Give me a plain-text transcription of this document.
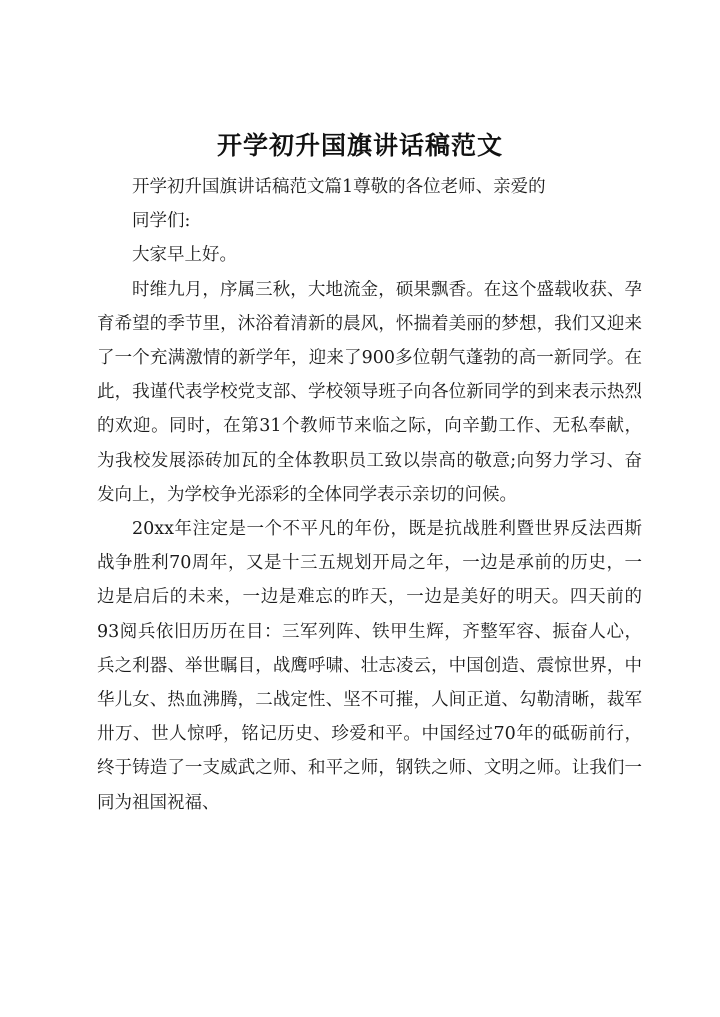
开学初升国旗讲话稿范文

开学初升国旗讲话稿范文篇1尊敬的各位老师、亲爱的

同学们:

大家早上好。

时维九月，序属三秋，大地流金，硕果飘香。在这个盛载收获、孕育希望的季节里，沐浴着清新的晨风，怀揣着美丽的梦想，我们又迎来了一个充满激情的新学年，迎来了900多位朝气蓬勃的高一新同学。在此，我谨代表学校党支部、学校领导班子向各位新同学的到来表示热烈的欢迎。同时，在第31个教师节来临之际，向辛勤工作、无私奉献，为我校发展添砖加瓦的全体教职员工致以崇高的敬意;向努力学习、奋发向上，为学校争光添彩的全体同学表示亲切的问候。

20xx年注定是一个不平凡的年份，既是抗战胜利暨世界反法西斯战争胜利70周年，又是十三五规划开局之年，一边是承前的历史，一边是启后的未来，一边是难忘的昨天，一边是美好的明天。四天前的93阅兵依旧历历在目：三军列阵、铁甲生辉，齐整军容、振奋人心，兵之利器、举世瞩目，战鹰呼啸、壮志凌云，中国创造、震惊世界，中华儿女、热血沸腾，二战定性、坚不可摧，人间正道、勾勒清晰，裁军卅万、世人惊呼，铭记历史、珍爱和平。中国经过70年的砥砺前行，终于铸造了一支威武之师、和平之师，钢铁之师、文明之师。让我们一同为祖国祝福、
